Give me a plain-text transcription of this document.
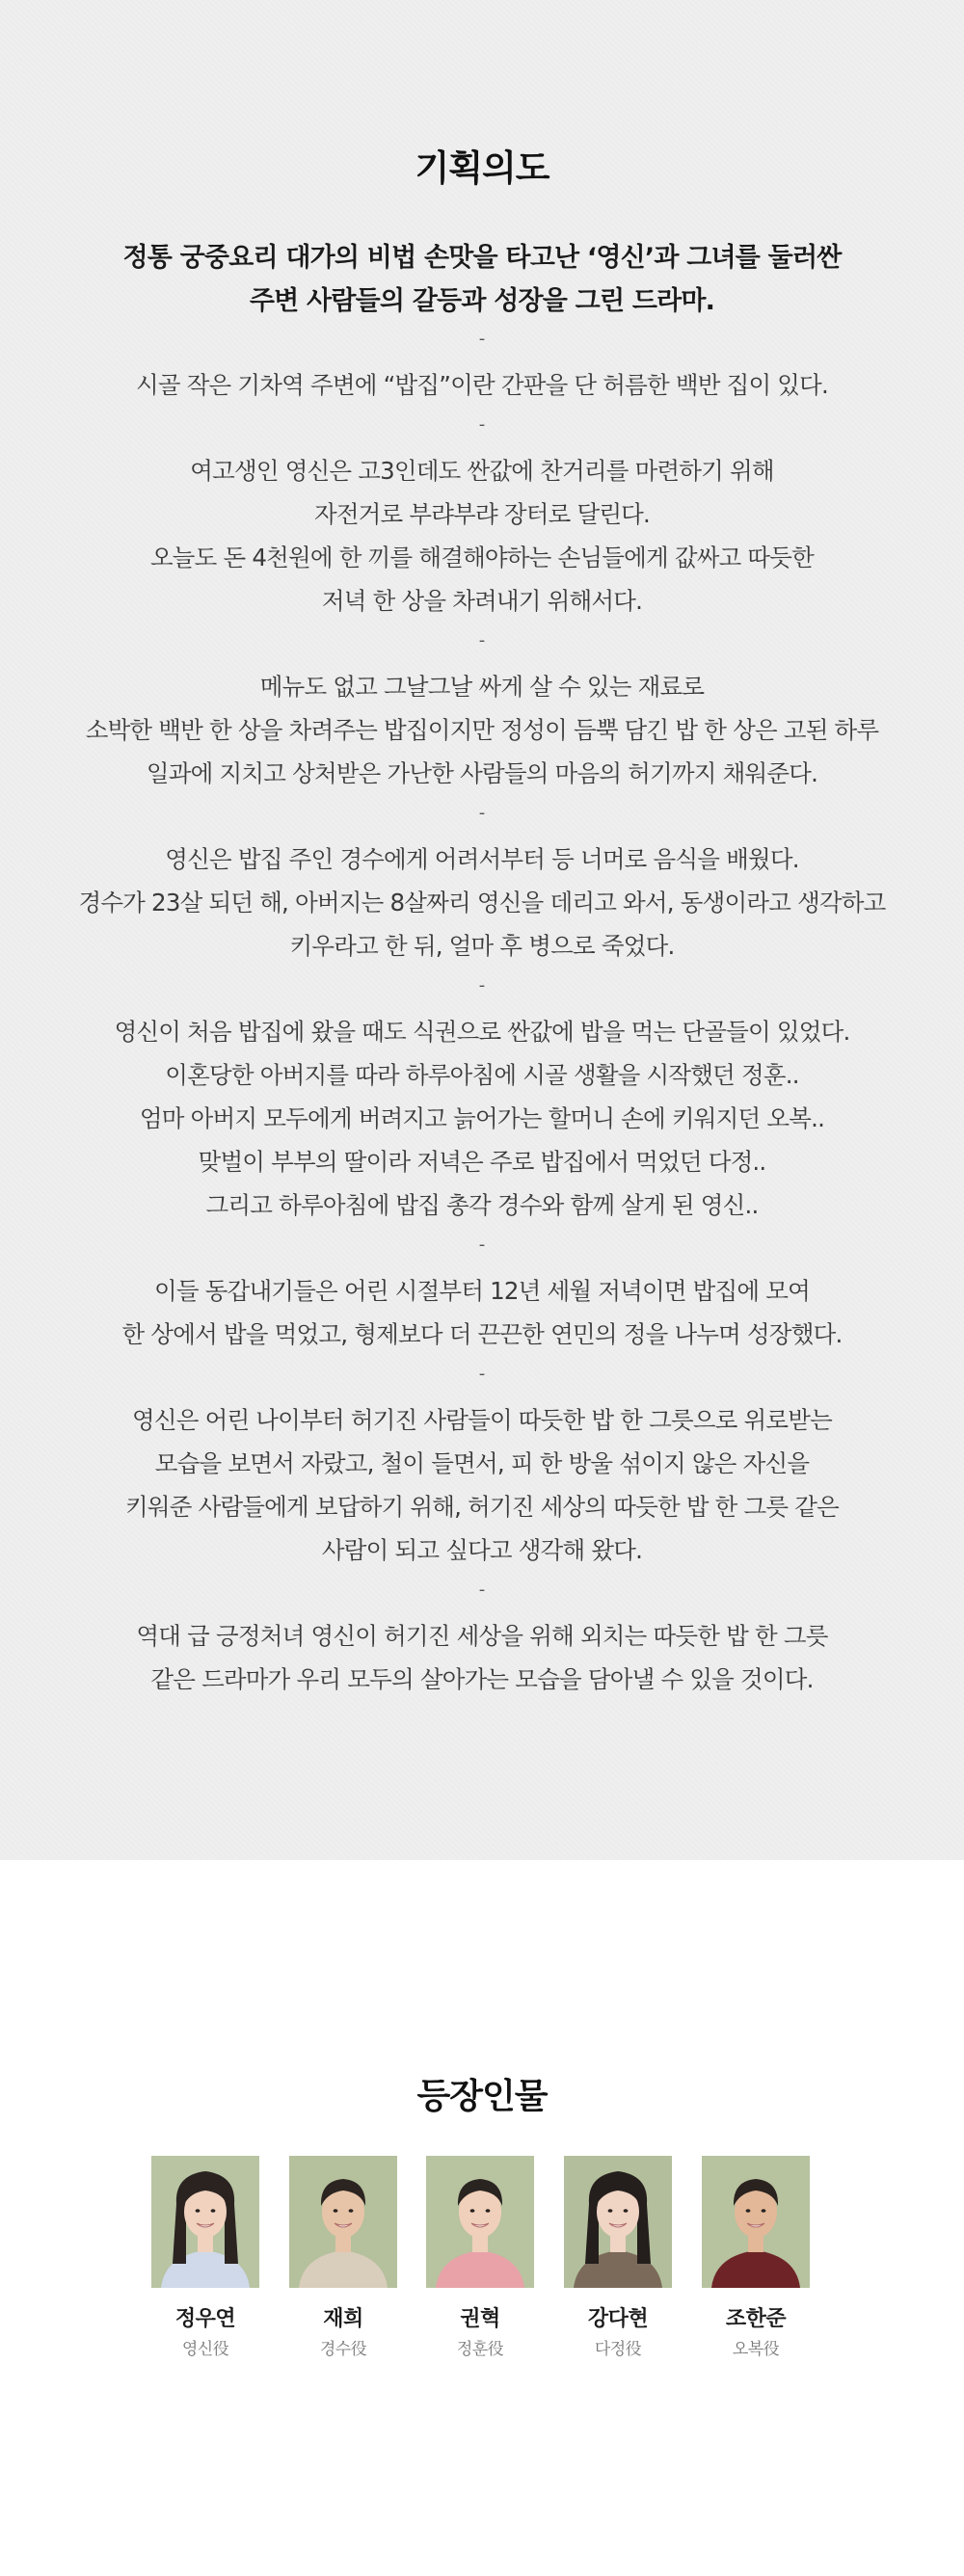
기획의도
정통 궁중요리 대가의 비법 손맛을 타고난 ‘영신’과 그녀를 둘러싼
주변 사람들의 갈등과 성장을 그린 드라마.
-
시골 작은 기차역 주변에 “밥집”이란 간판을 단 허름한 백반 집이 있다.
-
여고생인 영신은 고3인데도 싼값에 찬거리를 마련하기 위해
자전거로 부랴부랴 장터로 달린다.
오늘도 돈 4천원에 한 끼를 해결해야하는 손님들에게 값싸고 따듯한
저녁 한 상을 차려내기 위해서다.
-
메뉴도 없고 그날그날 싸게 살 수 있는 재료로
소박한 백반 한 상을 차려주는 밥집이지만 정성이 듬뿍 담긴 밥 한 상은 고된 하루
일과에 지치고 상처받은 가난한 사람들의 마음의 허기까지 채워준다.
-
영신은 밥집 주인 경수에게 어려서부터 등 너머로 음식을 배웠다.
경수가 23살 되던 해, 아버지는 8살짜리 영신을 데리고 와서, 동생이라고 생각하고
키우라고 한 뒤, 얼마 후 병으로 죽었다.
-
영신이 처음 밥집에 왔을 때도 식권으로 싼값에 밥을 먹는 단골들이 있었다.
이혼당한 아버지를 따라 하루아침에 시골 생활을 시작했던 정훈..
엄마 아버지 모두에게 버려지고 늙어가는 할머니 손에 키워지던 오복..
맞벌이 부부의 딸이라 저녁은 주로 밥집에서 먹었던 다정..
그리고 하루아침에 밥집 총각 경수와 함께 살게 된 영신..
-
이들 동갑내기들은 어린 시절부터 12년 세월 저녁이면 밥집에 모여
한 상에서 밥을 먹었고, 형제보다 더 끈끈한 연민의 정을 나누며 성장했다.
-
영신은 어린 나이부터 허기진 사람들이 따듯한 밥 한 그릇으로 위로받는
모습을 보면서 자랐고, 철이 들면서, 피 한 방울 섞이지 않은 자신을
키워준 사람들에게 보답하기 위해, 허기진 세상의 따듯한 밥 한 그릇 같은
사람이 되고 싶다고 생각해 왔다.
-
역대 급 긍정처녀 영신이 허기진 세상을 위해 외치는 따듯한 밥 한 그릇
같은 드라마가 우리 모두의 살아가는 모습을 담아낼 수 있을 것이다.
등장인물
정우연
영신役
재희
경수役
권혁
정훈役
강다현
다정役
조한준
오복役
